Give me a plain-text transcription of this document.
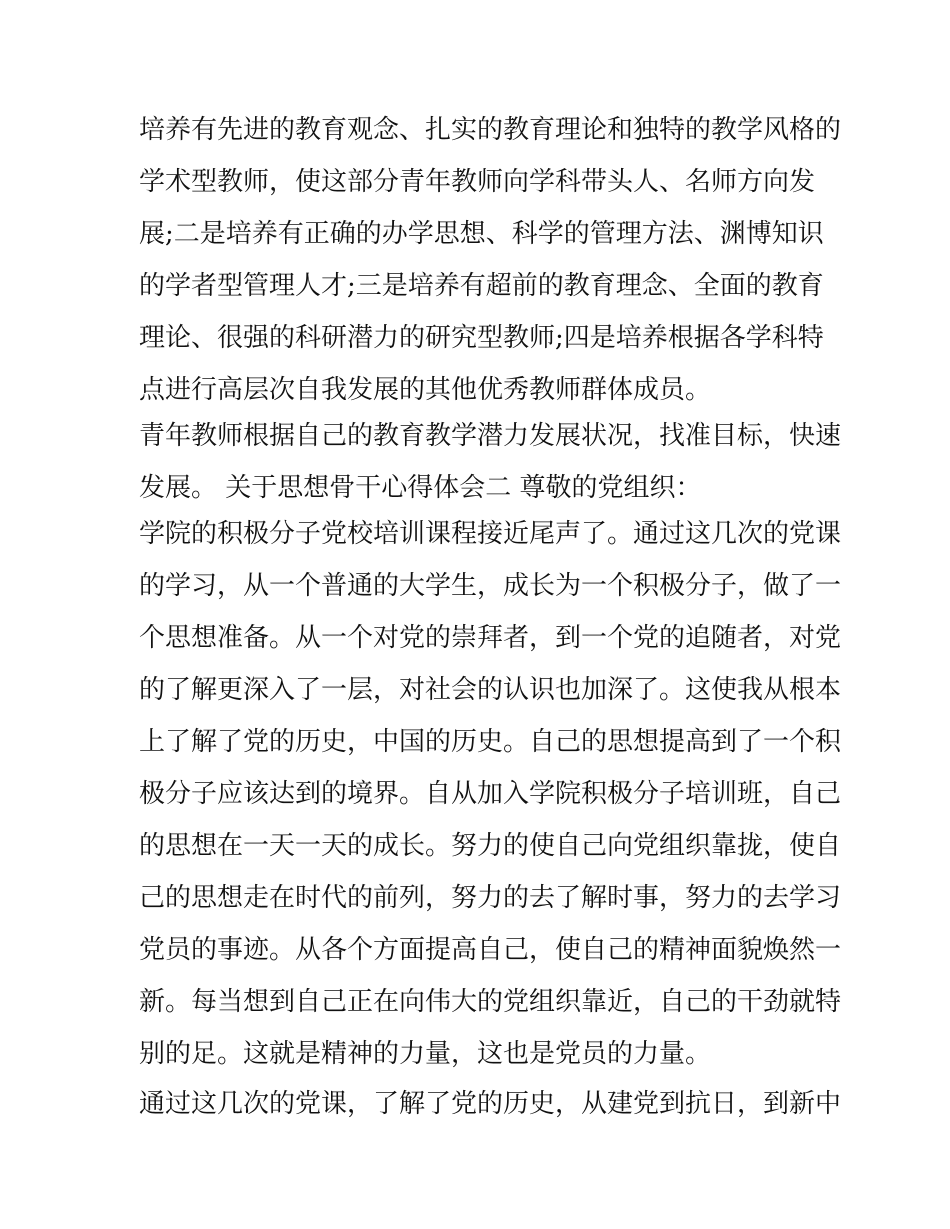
培养有先进的教育观念、扎实的教育理论和独特的教学风格的
学术型教师，使这部分青年教师向学科带头人、名师方向发
展;二是培养有正确的办学思想、科学的管理方法、渊博知识
的学者型管理人才;三是培养有超前的教育理念、全面的教育
理论、很强的科研潜力的研究型教师;四是培养根据各学科特
点进行高层次自我发展的其他优秀教师群体成员。
青年教师根据自己的教育教学潜力发展状况，找准目标，快速
发展。 关于思想骨干心得体会二 尊敬的党组织：
学院的积极分子党校培训课程接近尾声了。通过这几次的党课
的学习，从一个普通的大学生，成长为一个积极分子，做了一
个思想准备。从一个对党的崇拜者，到一个党的追随者，对党
的了解更深入了一层，对社会的认识也加深了。这使我从根本
上了解了党的历史，中国的历史。自己的思想提高到了一个积
极分子应该达到的境界。自从加入学院积极分子培训班，自己
的思想在一天一天的成长。努力的使自己向党组织靠拢，使自
己的思想走在时代的前列，努力的去了解时事，努力的去学习
党员的事迹。从各个方面提高自己，使自己的精神面貌焕然一
新。每当想到自己正在向伟大的党组织靠近，自己的干劲就特
别的足。这就是精神的力量，这也是党员的力量。
通过这几次的党课，了解了党的历史，从建党到抗日，到新中
